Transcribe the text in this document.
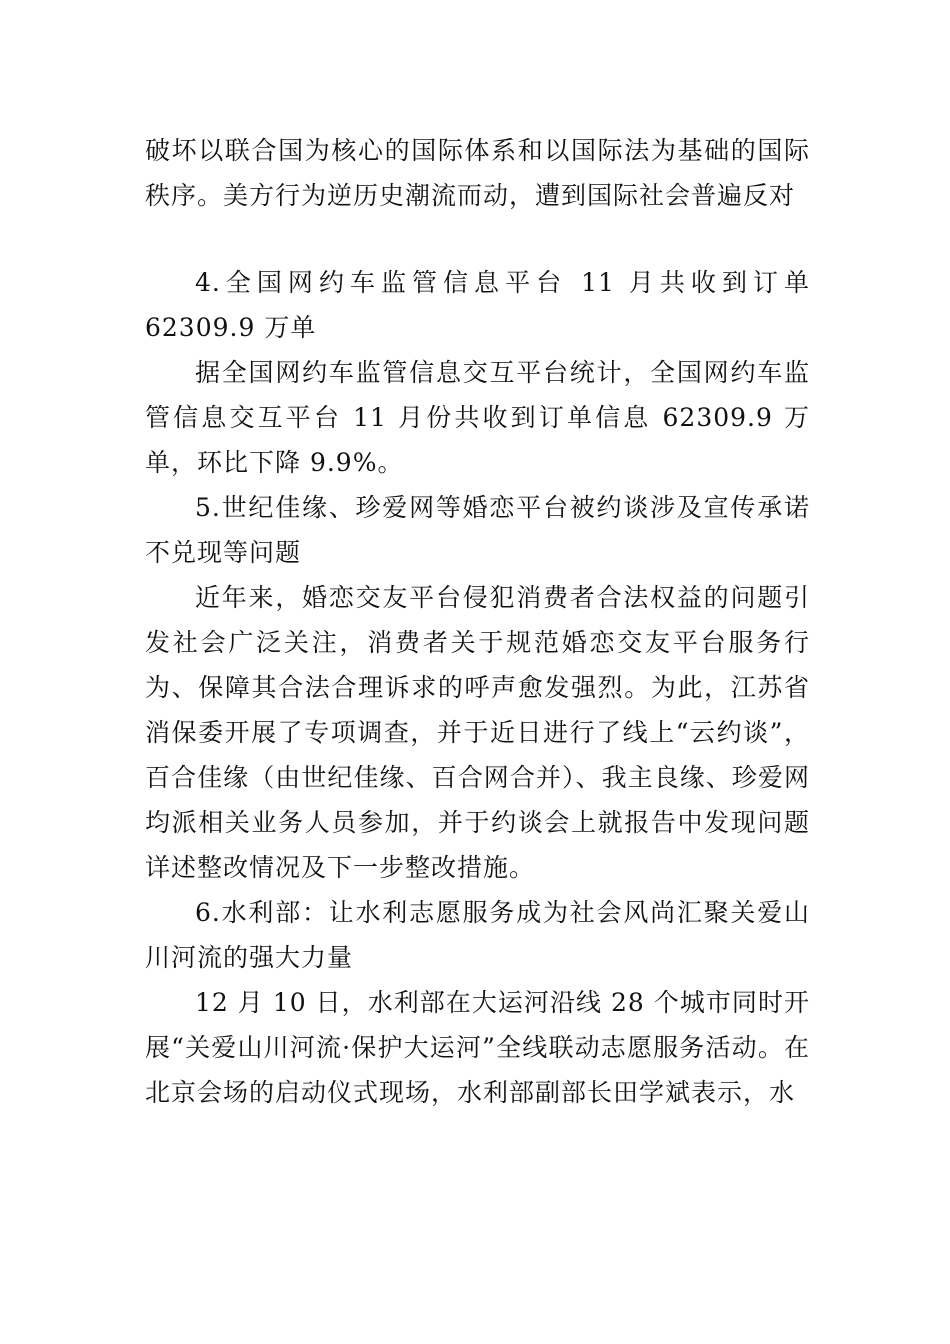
破坏以联合国为核心的国际体系和以国际法为基础的国际秩序。美方行为逆历史潮流而动，遭到国际社会普遍反对

4.全国网约车监管信息平台 11 月共收到订单 62309.9 万单

据全国网约车监管信息交互平台统计，全国网约车监管信息交互平台 11 月份共收到订单信息 62309.9 万单，环比下降 9.9%。

5.世纪佳缘、珍爱网等婚恋平台被约谈涉及宣传承诺不兑现等问题

近年来，婚恋交友平台侵犯消费者合法权益的问题引发社会广泛关注，消费者关于规范婚恋交友平台服务行为、保障其合法合理诉求的呼声愈发强烈。为此，江苏省消保委开展了专项调查，并于近日进行了线上“云约谈”，百合佳缘（由世纪佳缘、百合网合并）、我主良缘、珍爱网均派相关业务人员参加，并于约谈会上就报告中发现问题详述整改情况及下一步整改措施。

6.水利部：让水利志愿服务成为社会风尚汇聚关爱山川河流的强大力量

12 月 10 日，水利部在大运河沿线 28 个城市同时开展“关爱山川河流·保护大运河”全线联动志愿服务活动。在北京会场的启动仪式现场，水利部副部长田学斌表示，水
